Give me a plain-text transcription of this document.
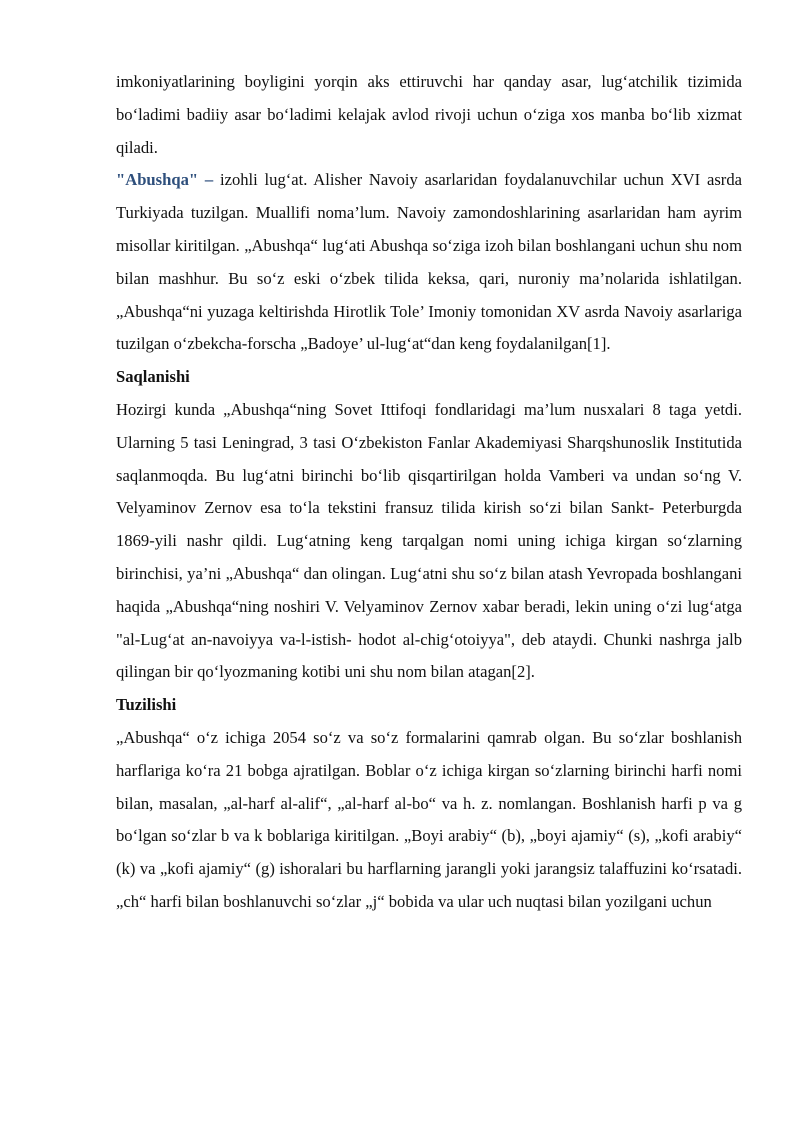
imkoniyatlarining boyligini yorqin aks ettiruvchi har qanday asar, lug‘atchilik tizimida bo‘ladimi badiiy asar bo‘ladimi kelajak avlod rivoji uchun o‘ziga xos manba bo‘lib xizmat qiladi.

"Abushqa" – izohli lug‘at. Alisher Navoiy asarlaridan foydalanuvchilar uchun XVI asrda Turkiyada tuzilgan. Muallifi noma’lum. Navoiy zamondoshlarining asarlaridan ham ayrim misollar kiritilgan. „Abushqa“ lug‘ati Abushqa so‘ziga izoh bilan boshlangani uchun shu nom bilan mashhur. Bu so‘z eski o‘zbek tilida keksa, qari, nuroniy ma’nolarida ishlatilgan. „Abushqa“ni yuzaga keltirishda Hirotlik Tole’ Imoniy tomonidan XV asrda Navoiy asarlariga tuzilgan o‘zbekcha-forscha „Badoye’ ul-lug‘at“dan keng foydalanilgan[1].

Saqlanishi

Hozirgi kunda „Abushqa“ning Sovet Ittifoqi fondlaridagi ma’lum nusxalari 8 taga yetdi. Ularning 5 tasi Leningrad, 3 tasi O‘zbekiston Fanlar Akademiyasi Sharqshunoslik Institutida saqlanmoqda. Bu lug‘atni birinchi bo‘lib qisqartirilgan holda Vamberi va undan so‘ng V. Velyaminov Zernov esa to‘la tekstini fransuz tilida kirish so‘zi bilan Sankt- Peterburgda 1869-yili nashr qildi. Lug‘atning keng tarqalgan nomi uning ichiga kirgan so‘zlarning birinchisi, ya’ni „Abushqa“ dan olingan. Lug‘atni shu so‘z bilan atash Yevropada boshlangani haqida „Abushqa“ning noshiri V. Velyaminov Zernov xabar beradi, lekin uning o‘zi lug‘atga "al-Lug‘at an-navoiyya va-l-istish- hodot al-chig‘otoiyya", deb ataydi. Chunki nashrga jalb qilingan bir qo‘lyozmaning kotibi uni shu nom bilan atagan[2].

Tuzilishi

„Abushqa“ o‘z ichiga 2054 so‘z va so‘z formalarini qamrab olgan. Bu so‘zlar boshlanish harflariga ko‘ra 21 bobga ajratilgan. Boblar o‘z ichiga kirgan so‘zlarning birinchi harfi nomi bilan, masalan, „al-harf al-alif“, „al-harf al-bo“ va h. z. nomlangan. Boshlanish harfi p va g bo‘lgan so‘zlar b va k boblariga kiritilgan. „Boyi arabiy“ (b), „boyi ajamiy“ (s), „kofi arabiy“ (k) va „kofi ajamiy“ (g) ishoralari bu harflarning jarangli yoki jarangsiz talaffuzini ko‘rsatadi. „ch“ harfi bilan boshlanuvchi so‘zlar „j“ bobida va ular uch nuqtasi bilan yozilgani uchun
